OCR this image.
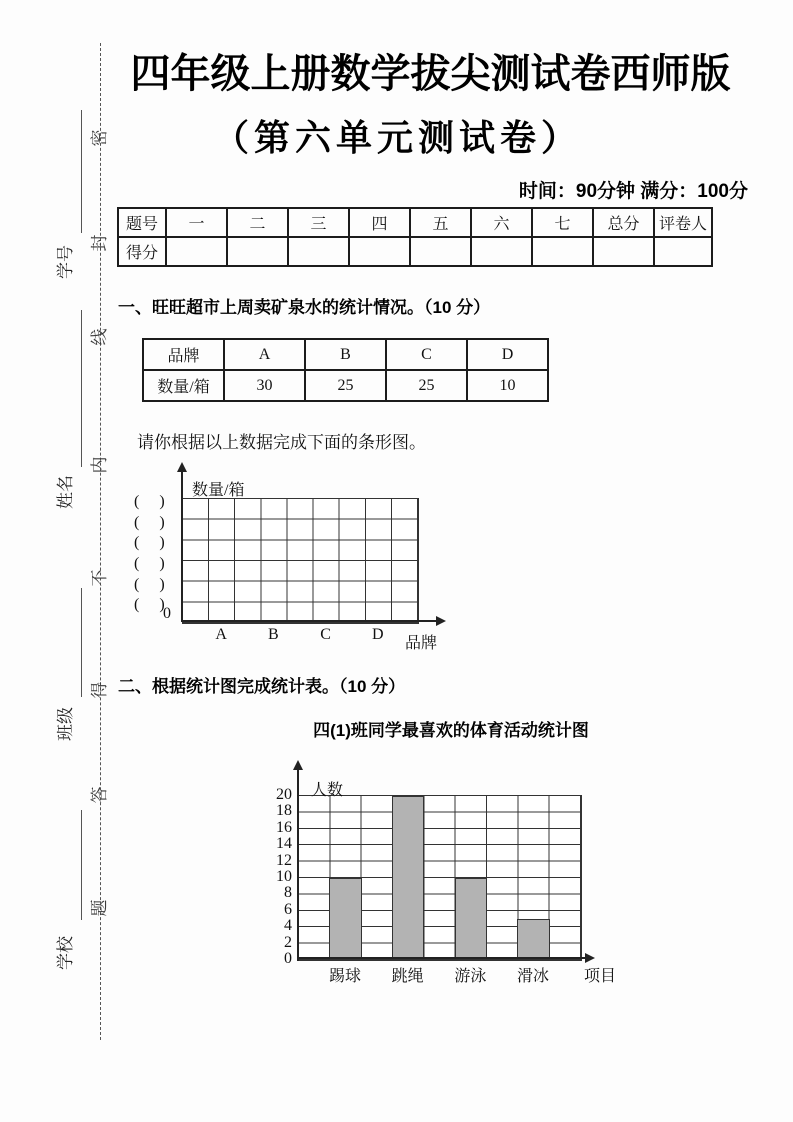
密
封
线
内
不
得
答
题
学号
姓名
班级
学校
四年级上册数学拔尖测试卷西师版
（第六单元测试卷）
时间：90分钟 满分：100分
题号	一	二	三	四	五	六	七	总分	评卷人
得分									
一、旺旺超市上周卖矿泉水的统计情况。（10 分）
品牌	A	B	C	D
数量/箱	30	25	25	10
请你根据以上数据完成下面的条形图。
数量/箱
品牌
0
二、根据统计图完成统计表。（10 分）
四(1)班同学最喜欢的体育活动统计图
人数
项目
(　)
(　)
(　)
(　)
(　)
(　)
A	B	C	D
20
18
16
14
12
10
8
6
4
2
0
踢球	跳绳	游泳	滑冰
